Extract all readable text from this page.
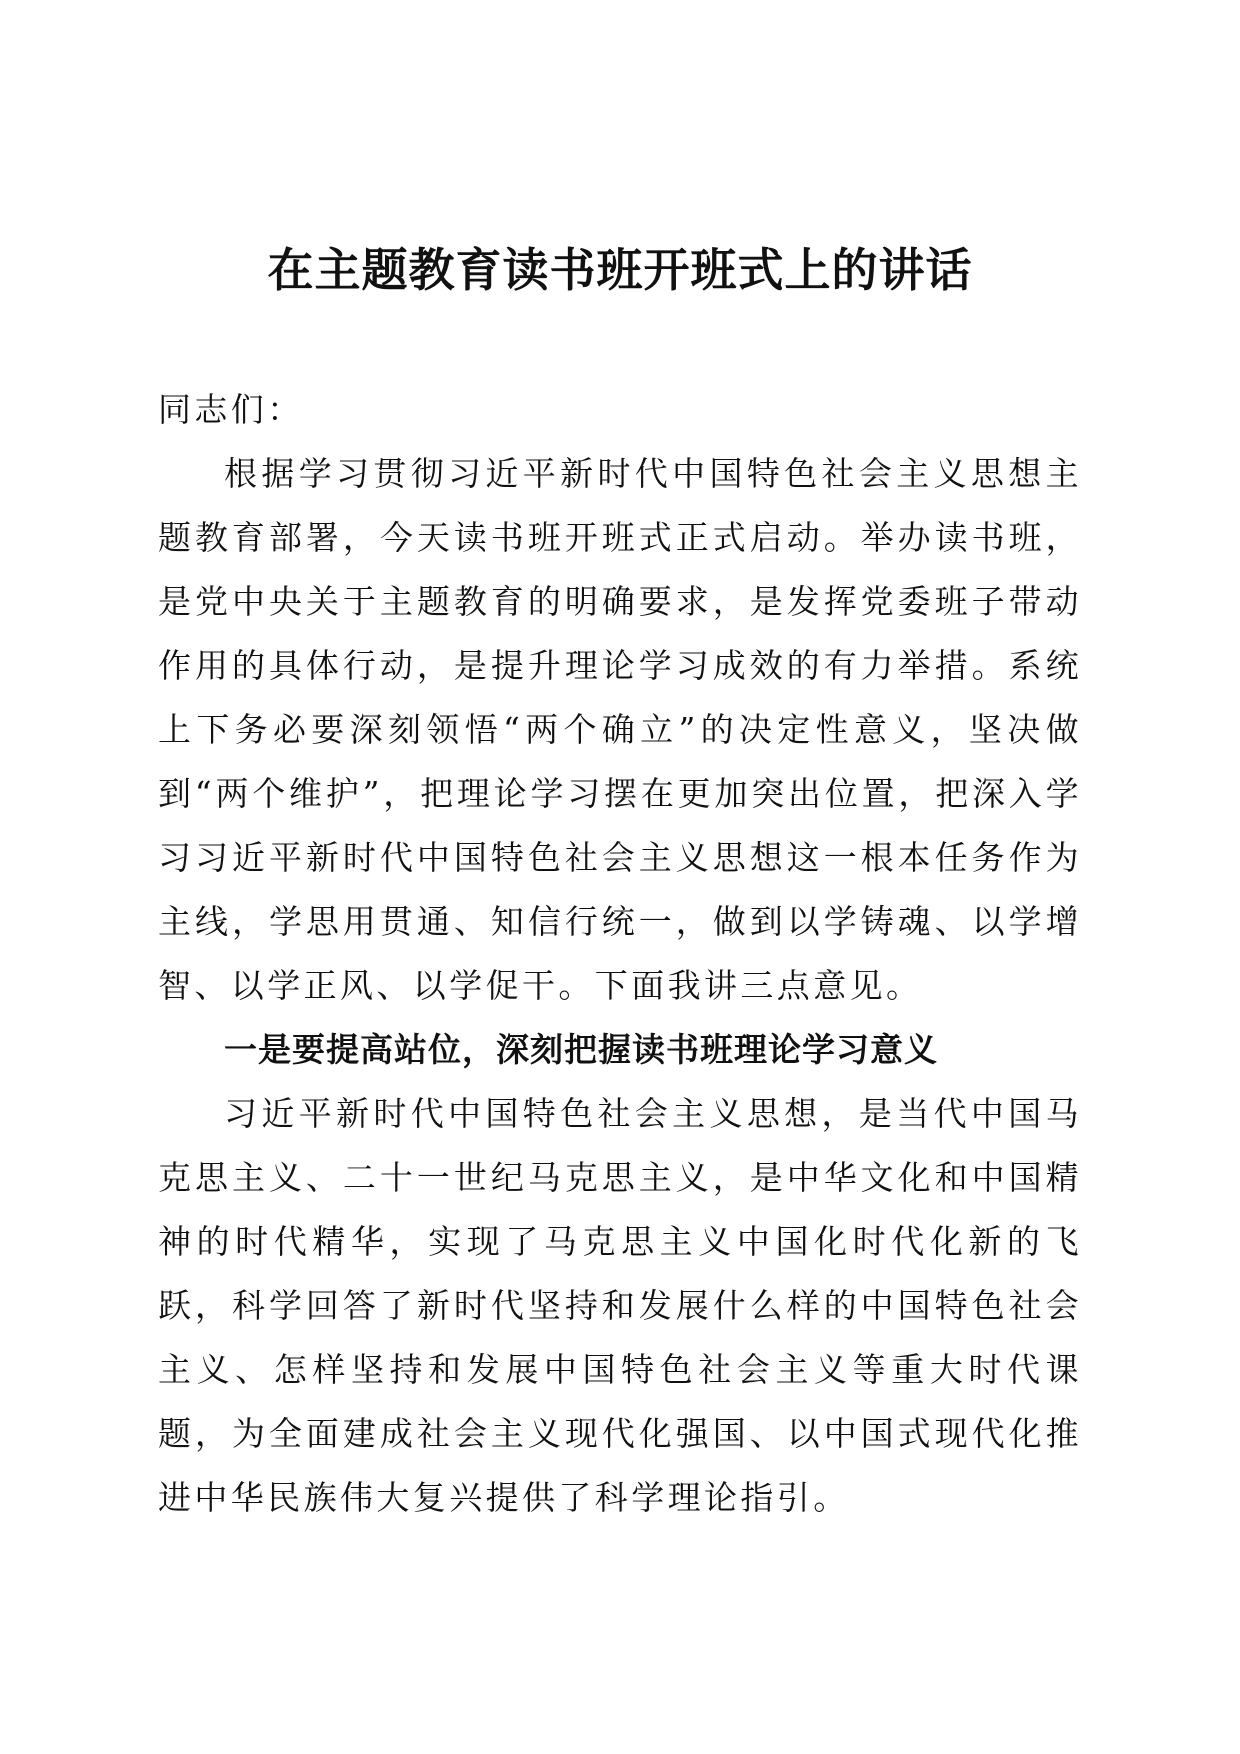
在主题教育读书班开班式上的讲话

同志们：

根据学习贯彻习近平新时代中国特色社会主义思想主题教育部署，今天读书班开班式正式启动。举办读书班，是党中央关于主题教育的明确要求，是发挥党委班子带动作用的具体行动，是提升理论学习成效的有力举措。系统上下务必要深刻领悟“两个确立”的决定性意义，坚决做到“两个维护”，把理论学习摆在更加突出位置，把深入学习习近平新时代中国特色社会主义思想这一根本任务作为主线，学思用贯通、知信行统一，做到以学铸魂、以学增智、以学正风、以学促干。下面我讲三点意见。

一是要提高站位，深刻把握读书班理论学习意义

习近平新时代中国特色社会主义思想，是当代中国马克思主义、二十一世纪马克思主义，是中华文化和中国精神的时代精华，实现了马克思主义中国化时代化新的飞跃，科学回答了新时代坚持和发展什么样的中国特色社会主义、怎样坚持和发展中国特色社会主义等重大时代课题，为全面建成社会主义现代化强国、以中国式现代化推进中华民族伟大复兴提供了科学理论指引。
